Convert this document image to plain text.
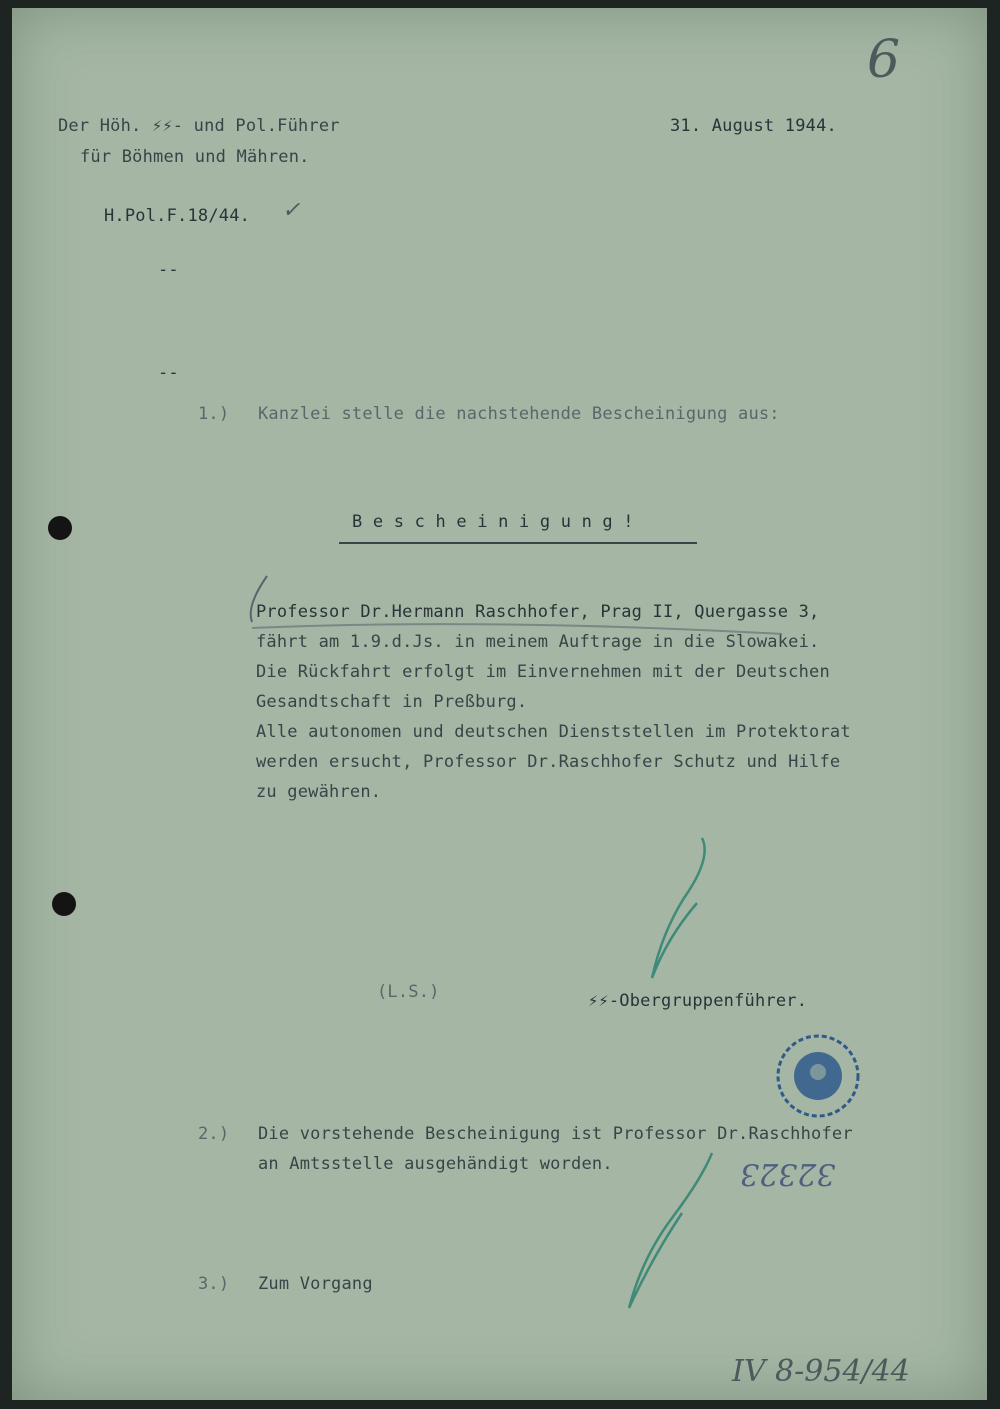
6
Der Höh. ⚡⚡- und Pol.Führer
für Böhmen und Mähren.
31. August 1944.
H.Pol.F.18/44. ✓
--
--
1.) Kanzlei stelle die nachstehende Bescheinigung aus:
B e s c h e i n i g u n g !
Professor Dr.Hermann Raschhofer, Prag II, Quergasse 3,
fährt am 1.9.d.Js. in meinem Auftrage in die Slowakei.
Die Rückfahrt erfolgt im Einvernehmen mit der Deutschen
Gesandtschaft in Preßburg.
Alle autonomen und deutschen Dienststellen im Protektorat
werden ersucht, Professor Dr.Raschhofer Schutz und Hilfe
zu gewähren.
(L.S.)	⚡⚡-Obergruppenführer.
32323
2.) Die vorstehende Bescheinigung ist Professor Dr.Raschhofer
an Amtsstelle ausgehändigt worden.
3.) Zum Vorgang
IV 8-954/44
